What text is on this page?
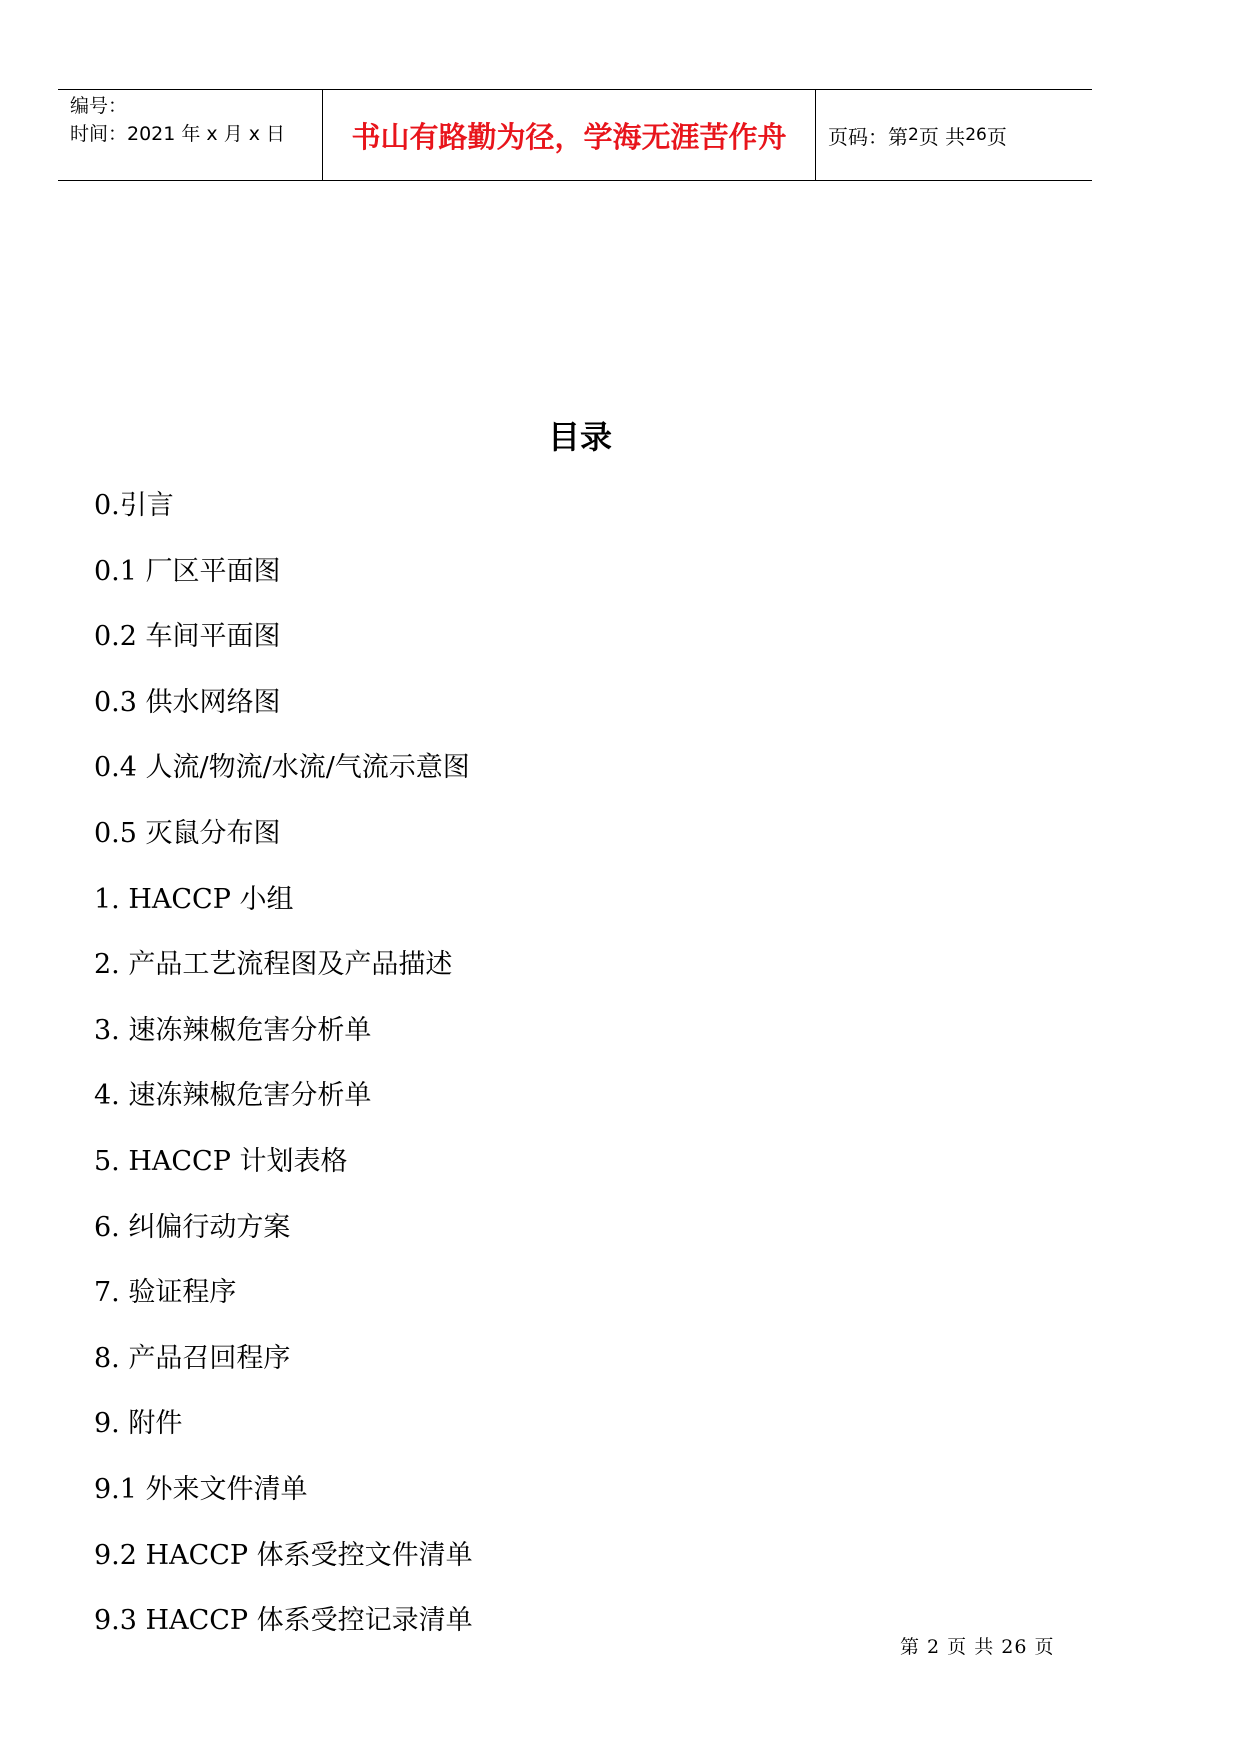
编号：
时间：2021 年 x 月 x 日	书山有路勤为径，学海无涯苦作舟 页码：第 2 页 共 26 页
目录
0.引言
0.1 厂区平面图
0.2 车间平面图
0.3 供水网络图
0.4 人流/物流/水流/气流示意图
0.5 灭鼠分布图
1. HACCP 小组
2. 产品工艺流程图及产品描述
3. 速冻辣椒危害分析单
4. 速冻辣椒危害分析单
5. HACCP 计划表格
6. 纠偏行动方案
7. 验证程序
8. 产品召回程序
9. 附件
9.1 外来文件清单
9.2 HACCP 体系受控文件清单
9.3 HACCP 体系受控记录清单
第 2 页 共 26 页
